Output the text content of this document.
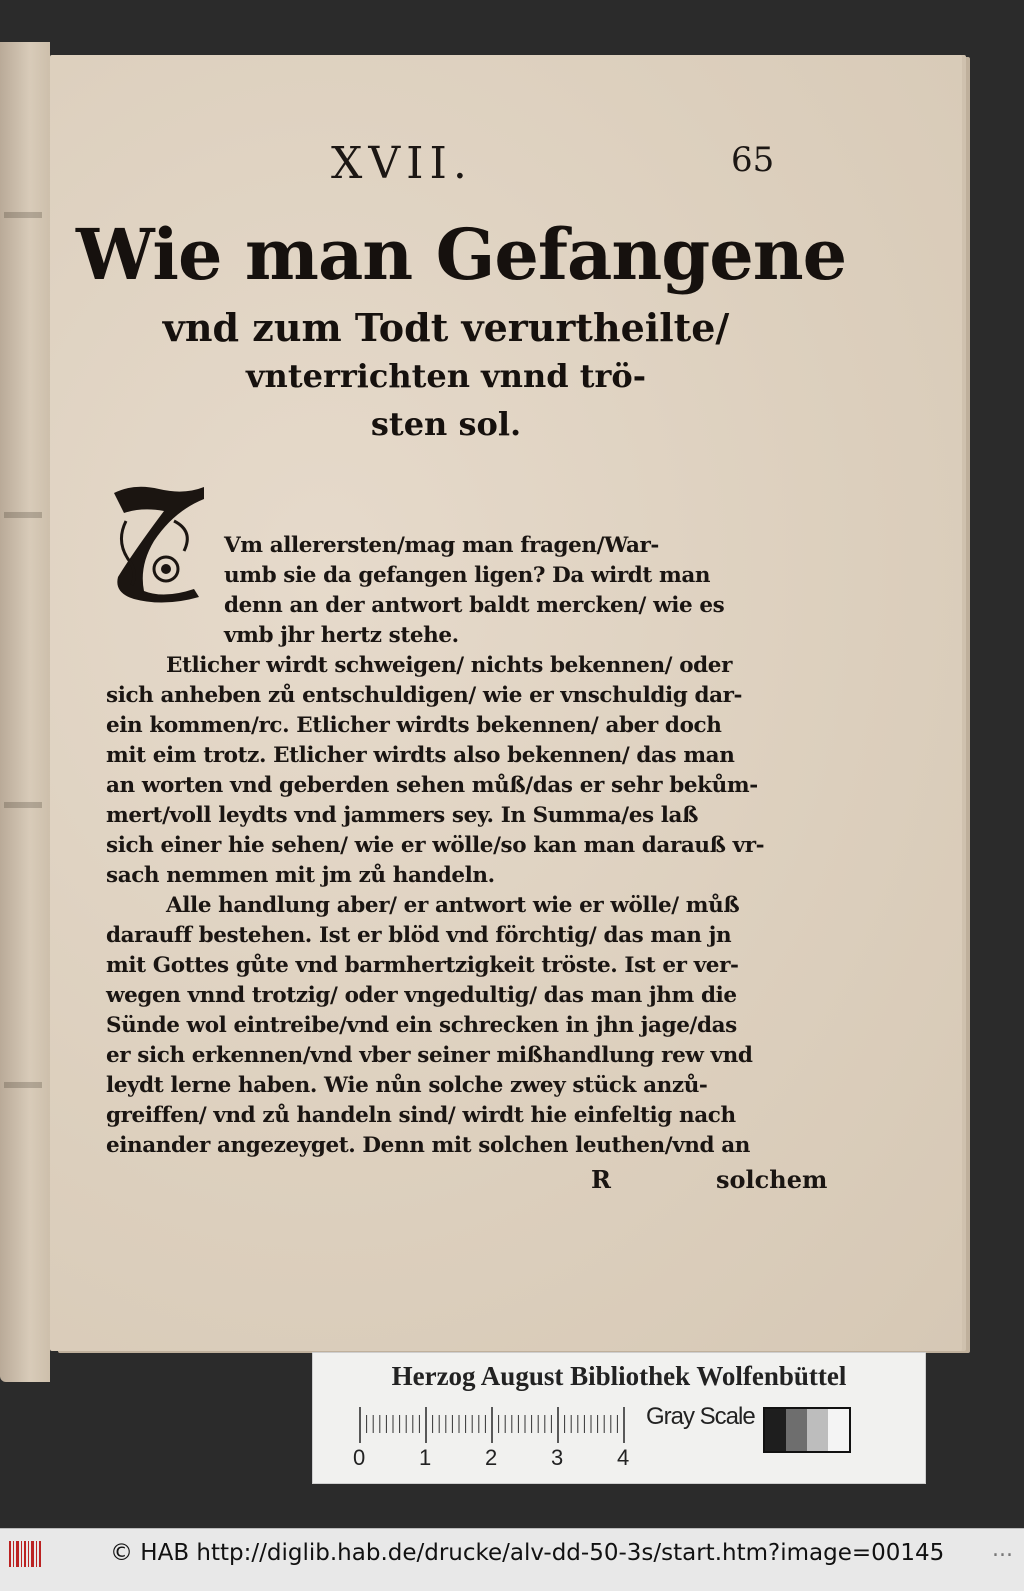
XVII.	65
Wie man Gefangene
vnd zum Todt verurtheilte/
vnterrichten vnnd trö-
sten sol.
Z
Vm allerersten/mag man fragen/War-
umb sie da gefangen ligen? Da wirdt man
denn an der antwort baldt mercken/ wie es
vmb jhr hertz stehe.
Etlicher wirdt schweigen/ nichts bekennen/ oder
sich anheben zů entschuldigen/ wie er vnschuldig dar-
ein kommen/rc. Etlicher wirdts bekennen/ aber doch
mit eim trotz. Etlicher wirdts also bekennen/ das man
an worten vnd geberden sehen můß/das er sehr bekům-
mert/voll leydts vnd jammers sey. In Summa/es laß
sich einer hie sehen/ wie er wölle/so kan man darauß vr-
sach nemmen mit jm zů handeln.
Alle handlung aber/ er antwort wie er wölle/ můß
darauff bestehen. Ist er blöd vnd förchtig/ das man jn
mit Gottes gůte vnd barmhertzigkeit tröste. Ist er ver-
wegen vnnd trotzig/ oder vngedultig/ das man jhm die
Sünde wol eintreibe/vnd ein schrecken in jhn jage/das
er sich erkennen/vnd vber seiner mißhandlung rew vnd
leydt lerne haben. Wie nůn solche zwey stück anzů-
greiffen/ vnd zů handeln sind/ wirdt hie einfeltig nach
einander angezeyget. Denn mit solchen leuthen/vnd an
R	solchem
Herzog August Bibliothek Wolfenbüttel
0 1 2 3 4
Gray Scale
© HAB http://diglib.hab.de/drucke/alv-dd-50-3s/start.htm?image=00145 ...
